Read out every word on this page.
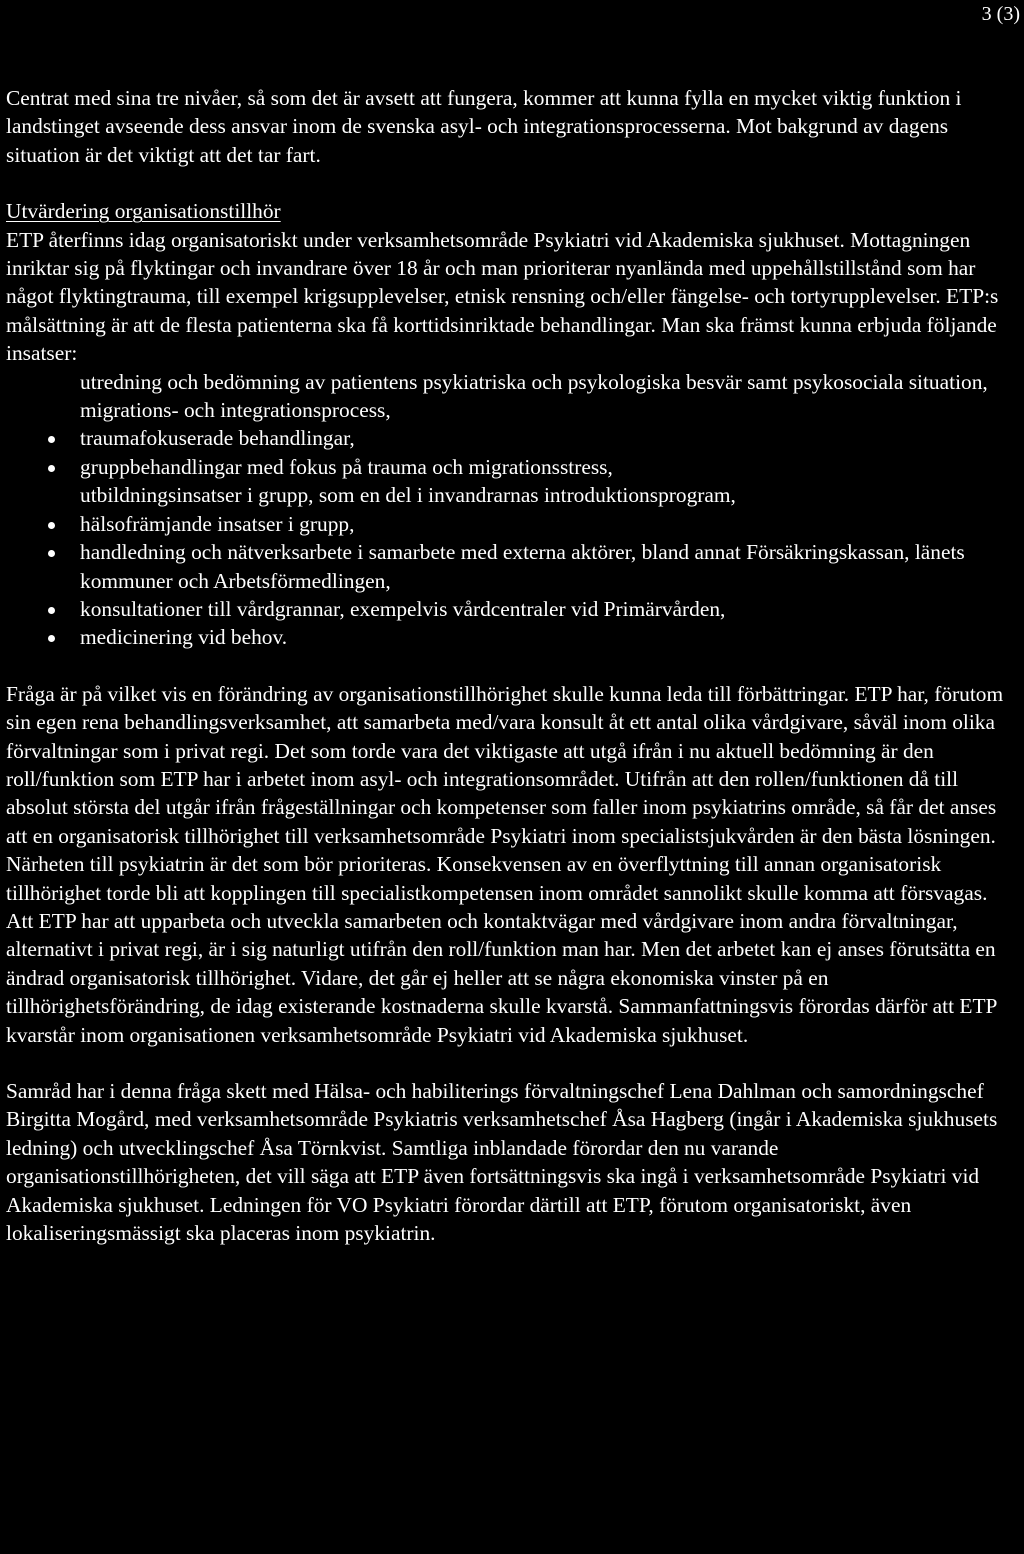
3 (3)

Centrat med sina tre nivåer, så som det är avsett att fungera, kommer att kunna fylla en mycket viktig funktion i landstinget avseende dess ansvar inom de svenska asyl- och integrationsprocesserna. Mot bakgrund av dagens situation är det viktigt att det tar fart.

Utvärdering organisationstillhör

ETP återfinns idag organisatoriskt under verksamhetsområde Psykiatri vid Akademiska sjukhuset. Mottagningen inriktar sig på flyktingar och invandrare över 18 år och man prioriterar nyanlända med uppehållstillstånd som har något flyktingtrauma, till exempel krigsupplevelser, etnisk rensning och/eller fängelse- och tortyrupplevelser. ETP:s målsättning är att de flesta patienterna ska få korttidsinriktade behandlingar. Man ska främst kunna erbjuda följande insatser:

utredning och bedömning av patientens psykiatriska och psykologiska besvär samt psykosociala situation, migrations- och integrationsprocess,
traumafokuserade behandlingar,
gruppbehandlingar med fokus på trauma och migrationsstress,
utbildningsinsatser i grupp, som en del i invandrarnas introduktionsprogram,
hälsofrämjande insatser i grupp,
handledning och nätverksarbete i samarbete med externa aktörer, bland annat Försäkringskassan, länets kommuner och Arbetsförmedlingen,
konsultationer till vårdgrannar, exempelvis vårdcentraler vid Primärvården,
medicinering vid behov.

Fråga är på vilket vis en förändring av organisationstillhörighet skulle kunna leda till förbättringar. ETP har, förutom sin egen rena behandlingsverksamhet, att samarbeta med/vara konsult åt ett antal olika vårdgivare, såväl inom olika förvaltningar som i privat regi. Det som torde vara det viktigaste att utgå ifrån i nu aktuell bedömning är den roll/funktion som ETP har i arbetet inom asyl- och integrationsområdet. Utifrån att den rollen/funktionen då till absolut största del utgår ifrån frågeställningar och kompetenser som faller inom psykiatrins område, så får det anses att en organisatorisk tillhörighet till verksamhetsområde Psykiatri inom specialistsjukvården är den bästa lösningen. Närheten till psykiatrin är det som bör prioriteras. Konsekvensen av en överflyttning till annan organisatorisk tillhörighet torde bli att kopplingen till specialistkompetensen inom området sannolikt skulle komma att försvagas. Att ETP har att upparbeta och utveckla samarbeten och kontaktvägar med vårdgivare inom andra förvaltningar, alternativt i privat regi, är i sig naturligt utifrån den roll/funktion man har. Men det arbetet kan ej anses förutsätta en ändrad organisatorisk tillhörighet. Vidare, det går ej heller att se några ekonomiska vinster på en tillhörighetsförändring, de idag existerande kostnaderna skulle kvarstå. Sammanfattningsvis förordas därför att ETP kvarstår inom organisationen verksamhetsområde Psykiatri vid Akademiska sjukhuset.

Samråd har i denna fråga skett med Hälsa- och habiliterings förvaltningschef Lena Dahlman och samordningschef Birgitta Mogård, med verksamhetsområde Psykiatris verksamhetschef Åsa Hagberg (ingår i Akademiska sjukhusets ledning) och utvecklingschef Åsa Törnkvist. Samtliga inblandade förordar den nu varande organisationstillhörigheten, det vill säga att ETP även fortsättningsvis ska ingå i verksamhetsområde Psykiatri vid Akademiska sjukhuset. Ledningen för VO Psykiatri förordar därtill att ETP, förutom organisatoriskt, även lokaliseringsmässigt ska placeras inom psykiatrin.
